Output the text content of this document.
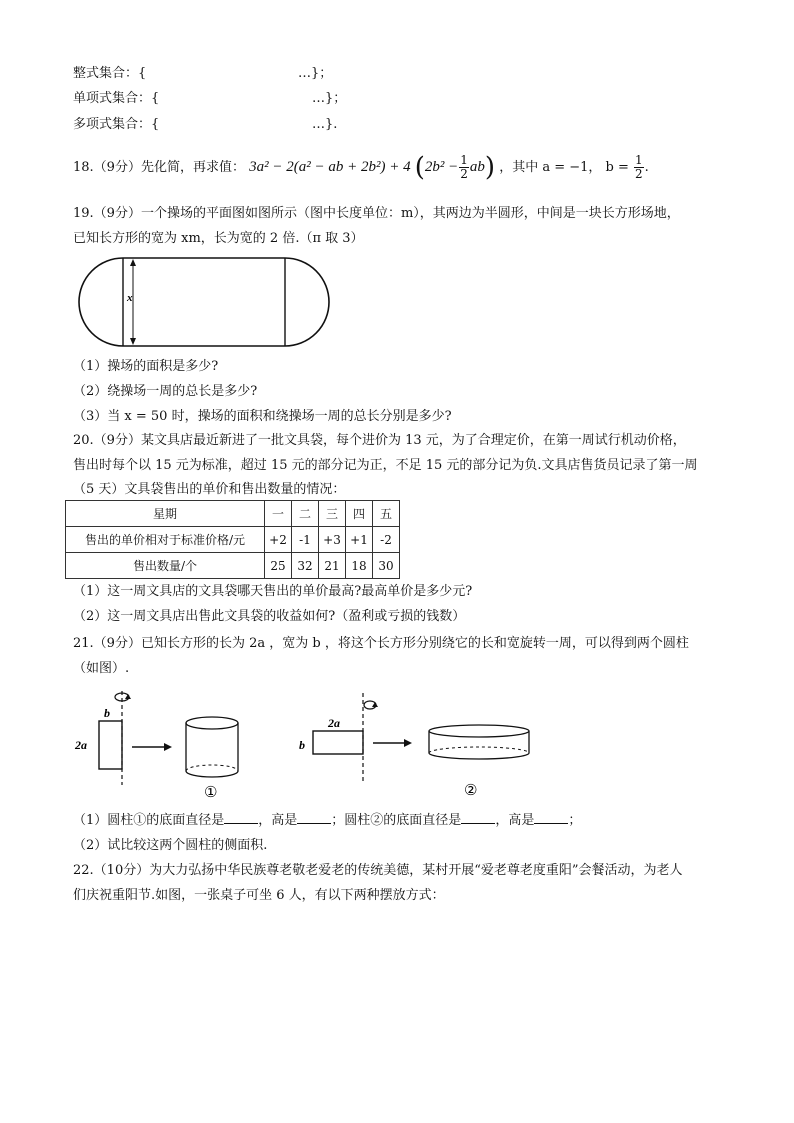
整式集合：{	…}；
单项式集合：{	…}；
多项式集合：{	…}.
18.（9分）先化简，再求值： 3a² − 2(a² − ab + 2b²) + 4 $(2b^2 - \frac{1}{2} ab)$ ，其中 a = −1， $b = \frac{1}{2}$ .
19.（9分）一个操场的平面图如图所示（图中长度单位：m），其两边为半圆形，中间是一块长方形场地，
已知长方形的宽为 xm，长为宽的 2 倍.（π 取 3）
x
（1）操场的面积是多少?
（2）绕操场一周的总长是多少?
（3）当 x = 50 时，操场的面积和绕操场一周的总长分别是多少?
20.（9分）某文具店最近新进了一批文具袋，每个进价为 13 元，为了合理定价，在第一周试行机动价格，
售出时每个以 15 元为标准，超过 15 元的部分记为正，不足 15 元的部分记为负.文具店售货员记录了第一周
（5 天）文具袋售出的单价和售出数量的情况：
星期	一	二	三	四	五
售出的单价相对于标准价格/元	+2	-1	+3	+1	-2
售出数量/个	25	32	21	18	30
（1）这一周文具店的文具袋哪天售出的单价最高?最高单价是多少元?
（2）这一周文具店出售此文具袋的收益如何?（盈利或亏损的钱数）
21.（9分）已知长方形的长为 2a ，宽为 b ，将这个长方形分别绕它的长和宽旋转一周，可以得到两个圆柱
（如图）.
b
2a
2a
b
①	②
（1）圆柱①的底面直径是	，高是	；圆柱②的底面直径是	，高是	；
（2）试比较这两个圆柱的侧面积.
22.（10分）为大力弘扬中华民族尊老敬老爱老的传统美德，某村开展“爱老尊老度重阳”会餐活动，为老人
们庆祝重阳节.如图，一张桌子可坐 6 人，有以下两种摆放方式：
